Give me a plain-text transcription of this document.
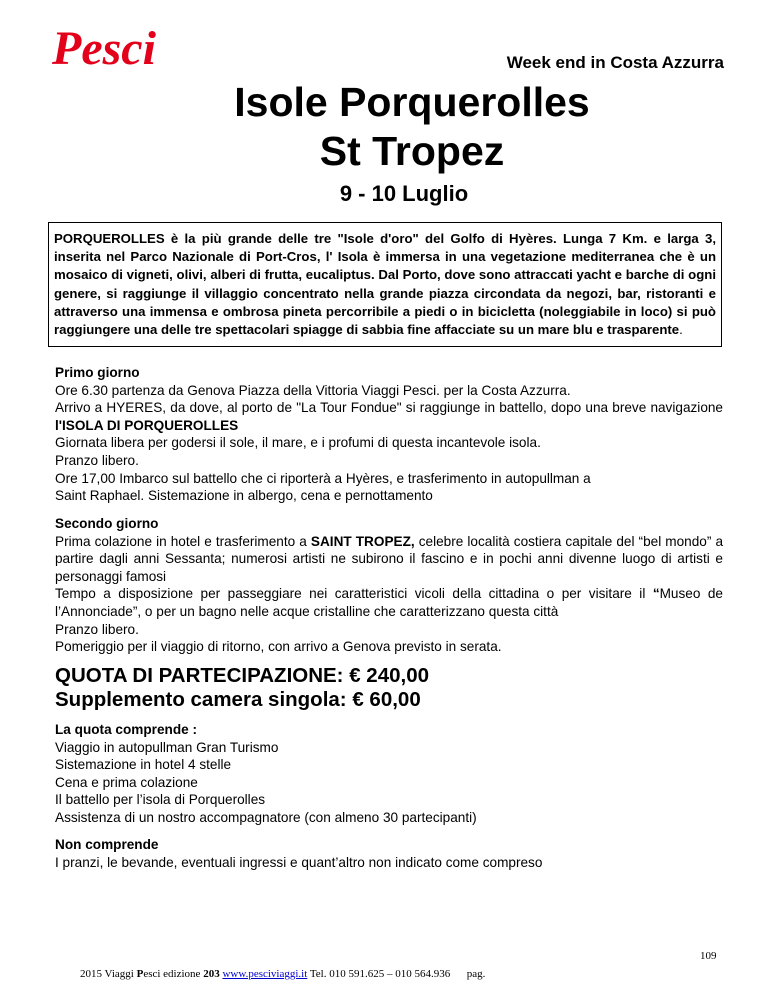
Pesci	Week end in Costa Azzurra
Isole Porquerolles
St Tropez
9 - 10 Luglio
PORQUEROLLES è la più grande delle tre "Isole d'oro" del Golfo di Hyères. Lunga 7 Km. e larga 3, inserita nel Parco Nazionale di Port-Cros, l' Isola è immersa in una vegetazione mediterranea che è un mosaico di vigneti, olivi, alberi di frutta, eucaliptus. Dal Porto, dove sono attraccati yacht e barche di ogni genere, si raggiunge il villaggio concentrato nella grande piazza circondata da negozi, bar, ristoranti e attraverso una immensa e ombrosa pineta percorribile a piedi o in bicicletta (noleggiabile in loco) si può raggiungere una delle tre spettacolari spiagge di sabbia fine affacciate su un mare blu e trasparente.
Primo giorno
Ore 6.30 partenza da Genova Piazza della Vittoria Viaggi Pesci. per la Costa Azzurra.
Arrivo a HYERES, da dove, al porto de "La Tour Fondue" si raggiunge in battello, dopo una breve navigazione l'ISOLA DI PORQUEROLLES
Giornata libera per godersi il sole, il mare, e i profumi di questa incantevole isola.
Pranzo libero.
Ore 17,00 Imbarco sul battello che ci riporterà a Hyères, e trasferimento in autopullman a
Saint Raphael. Sistemazione in albergo, cena e pernottamento
Secondo giorno
Prima colazione in hotel e trasferimento a SAINT TROPEZ, celebre località costiera capitale del “bel mondo” a partire dagli anni Sessanta; numerosi artisti ne subirono il fascino e in pochi anni divenne luogo di artisti e personaggi famosi
Tempo a disposizione per passeggiare nei caratteristici vicoli della cittadina o per visitare il “Museo de l’Annonciade”, o per un bagno nelle acque cristalline che caratterizzano questa città
Pranzo libero.
Pomeriggio per il viaggio di ritorno, con arrivo a Genova previsto in serata.
QUOTA DI PARTECIPAZIONE: € 240,00
Supplemento camera singola: € 60,00
La quota comprende :
Viaggio in autopullman Gran Turismo
Sistemazione in hotel 4 stelle
Cena e prima colazione
Il battello per l’isola di Porquerolles
Assistenza di un nostro accompagnatore (con almeno 30 partecipanti)
Non comprende
I pranzi, le bevande, eventuali ingressi e quant’altro non indicato come compreso
109
2015 Viaggi Pesci edizione 203 www.pesciviaggi.it Tel. 010 591.625 – 010 564.936 pag.
